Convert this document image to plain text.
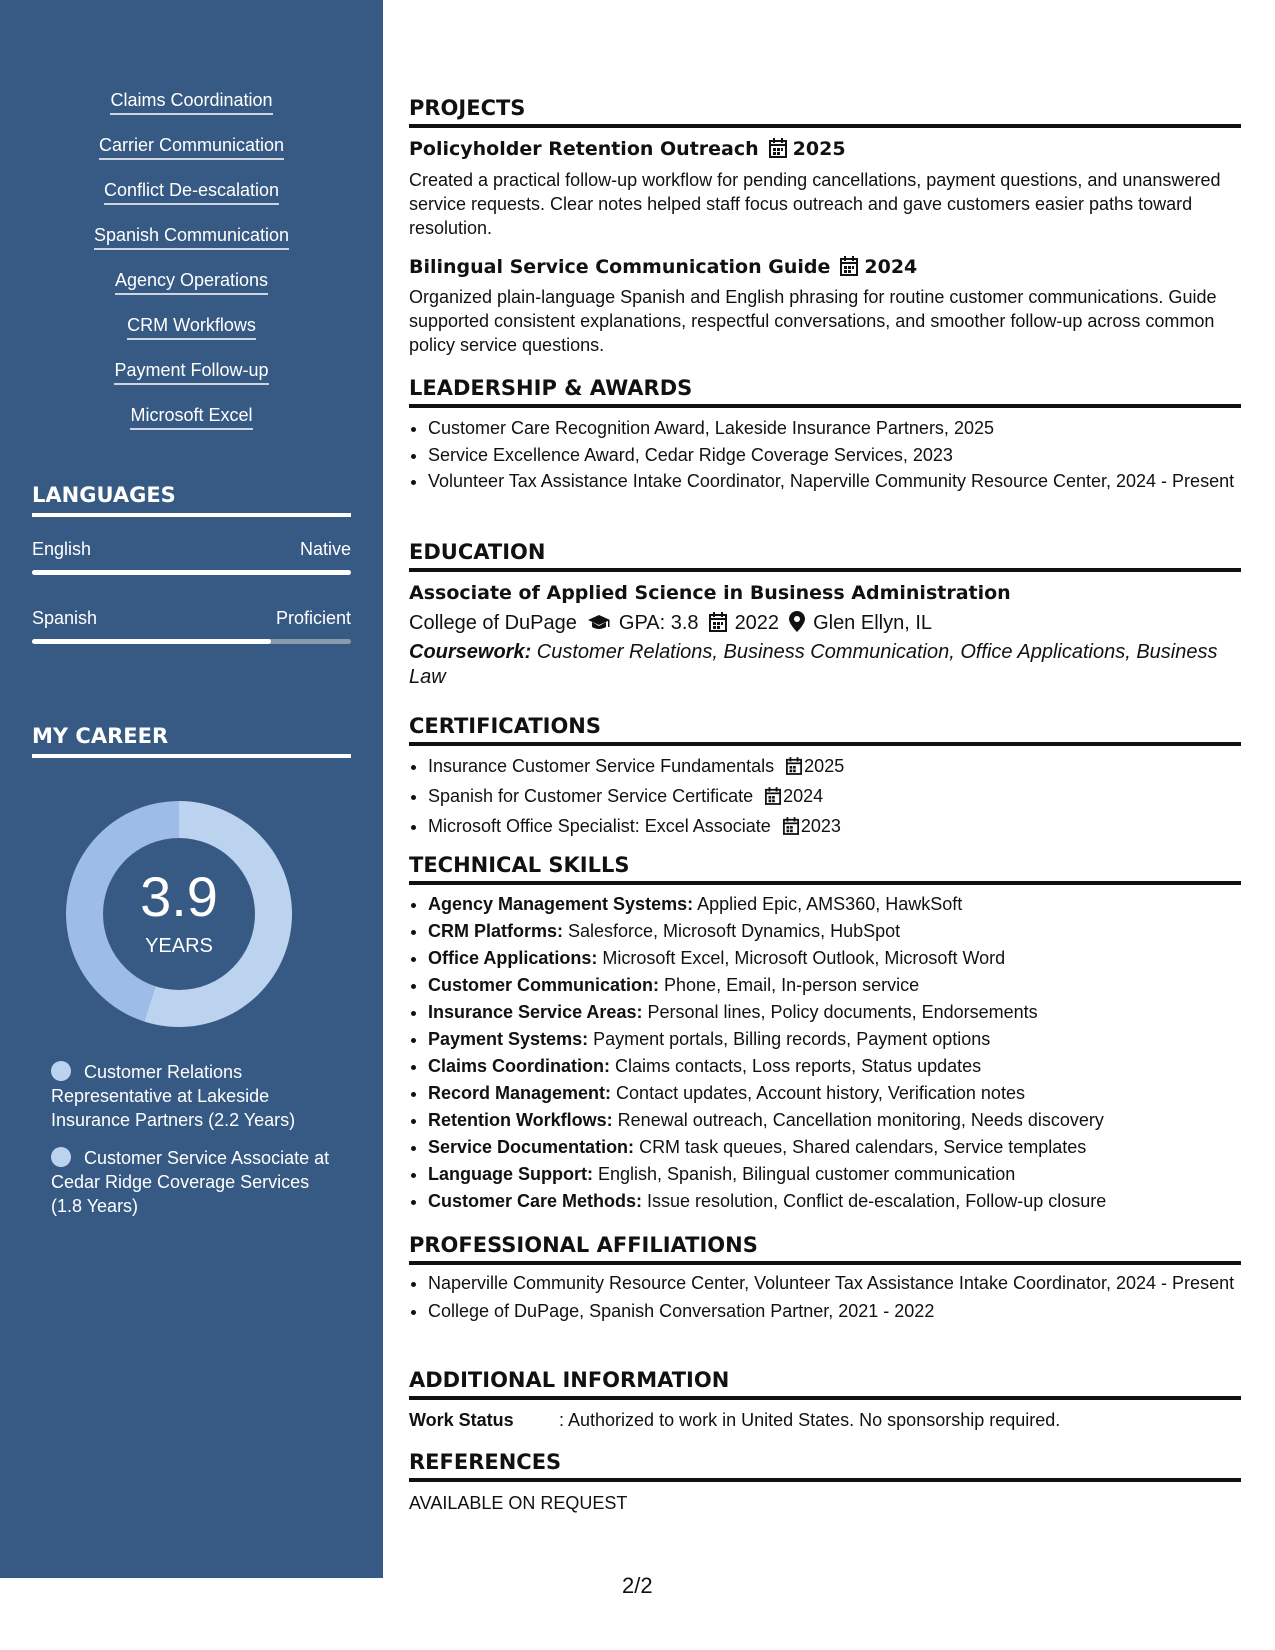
Claims Coordination
Carrier Communication
Conflict De-escalation
Spanish Communication
Agency Operations
CRM Workflows
Payment Follow-up
Microsoft Excel
LANGUAGES
English	Native
Spanish	Proficient
MY CAREER
3.9
YEARS
Customer Relations Representative at Lakeside Insurance Partners (2.2 Years)
Customer Service Associate at Cedar Ridge Coverage Services (1.8 Years)
PROJECTS
Policyholder Retention Outreach 2025
Created a practical follow-up workflow for pending cancellations, payment questions, and unanswered service requests. Clear notes helped staff focus outreach and gave customers easier paths toward resolution.
Bilingual Service Communication Guide 2024
Organized plain-language Spanish and English phrasing for routine customer communications. Guide supported consistent explanations, respectful conversations, and smoother follow-up across common policy service questions.
LEADERSHIP & AWARDS
• Customer Care Recognition Award, Lakeside Insurance Partners, 2025
• Service Excellence Award, Cedar Ridge Coverage Services, 2023
• Volunteer Tax Assistance Intake Coordinator, Naperville Community Resource Center, 2024 - Present
EDUCATION
Associate of Applied Science in Business Administration
College of DuPage GPA: 3.8 2022 Glen Ellyn, IL
Coursework: Customer Relations, Business Communication, Office Applications, Business Law
CERTIFICATIONS
• Insurance Customer Service Fundamentals 2025
• Spanish for Customer Service Certificate 2024
• Microsoft Office Specialist: Excel Associate 2023
TECHNICAL SKILLS
• Agency Management Systems: Applied Epic, AMS360, HawkSoft
• CRM Platforms: Salesforce, Microsoft Dynamics, HubSpot
• Office Applications: Microsoft Excel, Microsoft Outlook, Microsoft Word
• Customer Communication: Phone, Email, In-person service
• Insurance Service Areas: Personal lines, Policy documents, Endorsements
• Payment Systems: Payment portals, Billing records, Payment options
• Claims Coordination: Claims contacts, Loss reports, Status updates
• Record Management: Contact updates, Account history, Verification notes
• Retention Workflows: Renewal outreach, Cancellation monitoring, Needs discovery
• Service Documentation: CRM task queues, Shared calendars, Service templates
• Language Support: English, Spanish, Bilingual customer communication
• Customer Care Methods: Issue resolution, Conflict de-escalation, Follow-up closure
PROFESSIONAL AFFILIATIONS
• Naperville Community Resource Center, Volunteer Tax Assistance Intake Coordinator, 2024 - Present
• College of DuPage, Spanish Conversation Partner, 2021 - 2022
ADDITIONAL INFORMATION
Work Status	: Authorized to work in United States. No sponsorship required.
REFERENCES
AVAILABLE ON REQUEST
2/2
